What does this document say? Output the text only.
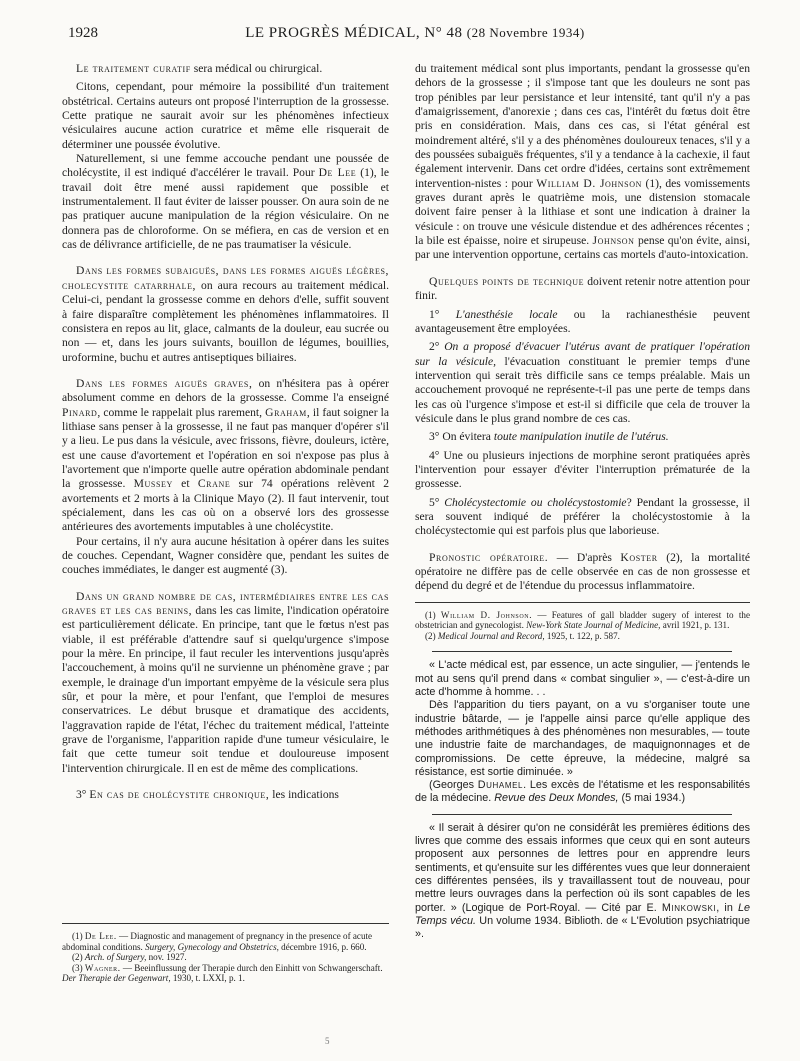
1928	LE PROGRÈS MÉDICAL, N° 48 (28 Novembre 1934)

Le traitement curatif sera médical ou chirurgical.

Citons, cependant, pour mémoire la possibilité d'un traitement obstétrical. Certains auteurs ont proposé l'interruption de la grossesse. Cette pratique ne saurait avoir sur les phénomènes infectieux vésiculaires aucune action curatrice et même elle risquerait de déterminer une poussée évolutive.

Naturellement, si une femme accouche pendant une poussée de cholécystite, il est indiqué d'accélérer le travail. Pour De Lee (1), le travail doit être mené aussi rapidement que possible et instrumentalement. Il faut éviter de laisser pousser. On aura soin de ne pas pratiquer aucune manipulation de la région vésiculaire. On ne donnera pas de chloroforme. On se méfiera, en cas de version et en cas de délivrance artificielle, de ne pas traumatiser la vésicule.

Dans les formes subaiguës, dans les formes aiguës légères, cholecystite catarrhale, on aura recours au traitement médical. Celui-ci, pendant la grossesse comme en dehors d'elle, suffit souvent à faire disparaître complètement les phénomènes inflammatoires. Il consistera en repos au lit, glace, calmants de la douleur, eau sucrée ou non — et, dans les jours suivants, bouillon de légumes, bouillies, uroformine, buchu et autres antiseptiques biliaires.

Dans les formes aiguës graves, on n'hésitera pas à opérer absolument comme en dehors de la grossesse. Comme l'a enseigné Pinard, comme le rappelait plus rarement, Graham, il faut soigner la lithiase sans penser à la grossesse, il ne faut pas manquer d'opérer s'il y a lieu. Le pus dans la vésicule, avec frissons, fièvre, douleurs, ictère, est une cause d'avortement et l'opération en soi n'expose pas plus à l'avortement que n'importe quelle autre opération abdominale pendant la grossesse. Mussey et Crane sur 74 opérations relèvent 2 avortements et 2 morts à la Clinique Mayo (2). Il faut intervenir, tout spécialement, dans les cas où on a observé lors des grossesse antérieures des avortements imputables à une cholécystite.

Pour certains, il n'y aura aucune hésitation à opérer dans les suites de couches. Cependant, Wagner considère que, pendant les suites de couches immédiates, le danger est augmenté (3).

Dans un grand nombre de cas, intermédiaires entre les cas graves et les cas benins, dans les cas limite, l'indication opératoire est particulièrement délicate. En principe, tant que le fœtus n'est pas viable, il est préférable d'attendre sauf si quelqu'urgence s'impose pour la mère. En principe, il faut reculer les interventions jusqu'après l'accouchement, à moins qu'il ne survienne un phénomène grave ; par exemple, le drainage d'un important empyème de la vésicule sera plus sûr, et pour la mère, et pour l'enfant, que l'emploi de mesures conservatrices. Le début brusque et dramatique des accidents, l'aggravation rapide de l'état, l'échec du traitement médical, l'atteinte grave de l'organisme, l'apparition rapide d'une tumeur vésiculaire, le fait que cette tumeur soit tendue et douloureuse imposent l'intervention chirurgicale. Il en est de même des complications.

3° En cas de cholécystite chronique, les indications

(1) De Lee. — Diagnostic and management of pregnancy in the presence of acute abdominal conditions. Surgery, Gynecology and Obstetrics, décembre 1916, p. 660.

(2) Arch. of Surgery, nov. 1927.

(3) Wagner. — Beeinflussung der Therapie durch den Einhitt von Schwangerschaft. Der Therapie der Gegenwart, 1930, t. LXXI, p. 1.

du traitement médical sont plus importants, pendant la grossesse qu'en dehors de la grossesse ; il s'impose tant que les douleurs ne sont pas trop pénibles par leur persistance et leur intensité, tant qu'il n'y a pas d'amaigrissement, d'anorexie ; dans ces cas, l'intérêt du fœtus doit être pris en considération. Mais, dans ces cas, si l'état général est moindrement altéré, s'il y a des phénomènes douloureux tenaces, s'il y a des poussées subaiguës fréquentes, s'il y a tendance à la cachexie, il faut également intervenir. Dans cet ordre d'idées, certains sont extrêmement intervention-nistes : pour William D. Johnson (1), des vomissements graves durant après le quatrième mois, une distension stomacale doivent faire penser à la lithiase et sont une indication à drainer la vésicule : on trouve une vésicule distendue et des adhérences récentes ; la bile est épaisse, noire et sirupeuse. Johnson pense qu'on évite, ainsi, par une intervention opportune, certains cas mortels d'auto-intoxication.

Quelques points de technique doivent retenir notre attention pour finir.

1° L'anesthésie locale ou la rachianesthésie peuvent avantageusement être employées.

2° On a proposé d'évacuer l'utérus avant de pratiquer l'opération sur la vésicule, l'évacuation constituant le premier temps d'une intervention qui serait très difficile sans ce temps préalable. Mais un accouchement provoqué ne représente-t-il pas une perte de temps dans les cas où l'urgence s'impose et est-il si difficile que cela de trouver la vésicule dans le plus grand nombre de ces cas.

3° On évitera toute manipulation inutile de l'utérus.

4° Une ou plusieurs injections de morphine seront pratiquées après l'intervention pour essayer d'éviter l'interruption prématurée de la grossesse.

5° Cholécystectomie ou cholécystostomie? Pendant la grossesse, il sera souvent indiqué de préférer la cholécystostomie à la cholécystectomie qui est parfois plus que laborieuse.

Pronostic opératoire. — D'après Koster (2), la mortalité opératoire ne diffère pas de celle observée en cas de non grossesse et dépend du degré et de l'étendue du processus inflammatoire.

(1) William D. Johnson. — Features of gall bladder sugery of interest to the obstetrician and gynecologist. New-York State Journal of Medicine, avril 1921, p. 131.

(2) Medical Journal and Record, 1925, t. 122, p. 587.

« L'acte médical est, par essence, un acte singulier, — j'entends le mot au sens qu'il prend dans « combat singulier », — c'est-à-dire un acte d'homme à homme. . .

Dès l'apparition du tiers payant, on a vu s'organiser toute une industrie bâtarde, — je l'appelle ainsi parce qu'elle applique des méthodes arithmétiques à des phénomènes non mesurables, — toute une industrie faite de marchandages, de maquignonnages et de compromissions. De cette épreuve, la médecine, malgré sa résistance, est sortie diminuée. »

(Georges Duhamel. Les excès de l'étatisme et les responsabilités de la médecine. Revue des Deux Mondes, (5 mai 1934.)

« Il serait à désirer qu'on ne considérât les premières éditions des livres que comme des essais informes que ceux qui en sont auteurs proposent aux personnes de lettres pour en apprendre leurs sentiments, et qu'ensuite sur les différentes vues que leur donneraient ces différentes pensées, ils y travaillassent tout de nouveau, pour mettre leurs ouvrages dans la perfection où ils sont capables de les porter. » (Logique de Port-Royal. — Cité par E. Minkowski, in Le Temps vécu. Un volume 1934. Biblioth. de « L'Evolution psychiatrique ».

5
